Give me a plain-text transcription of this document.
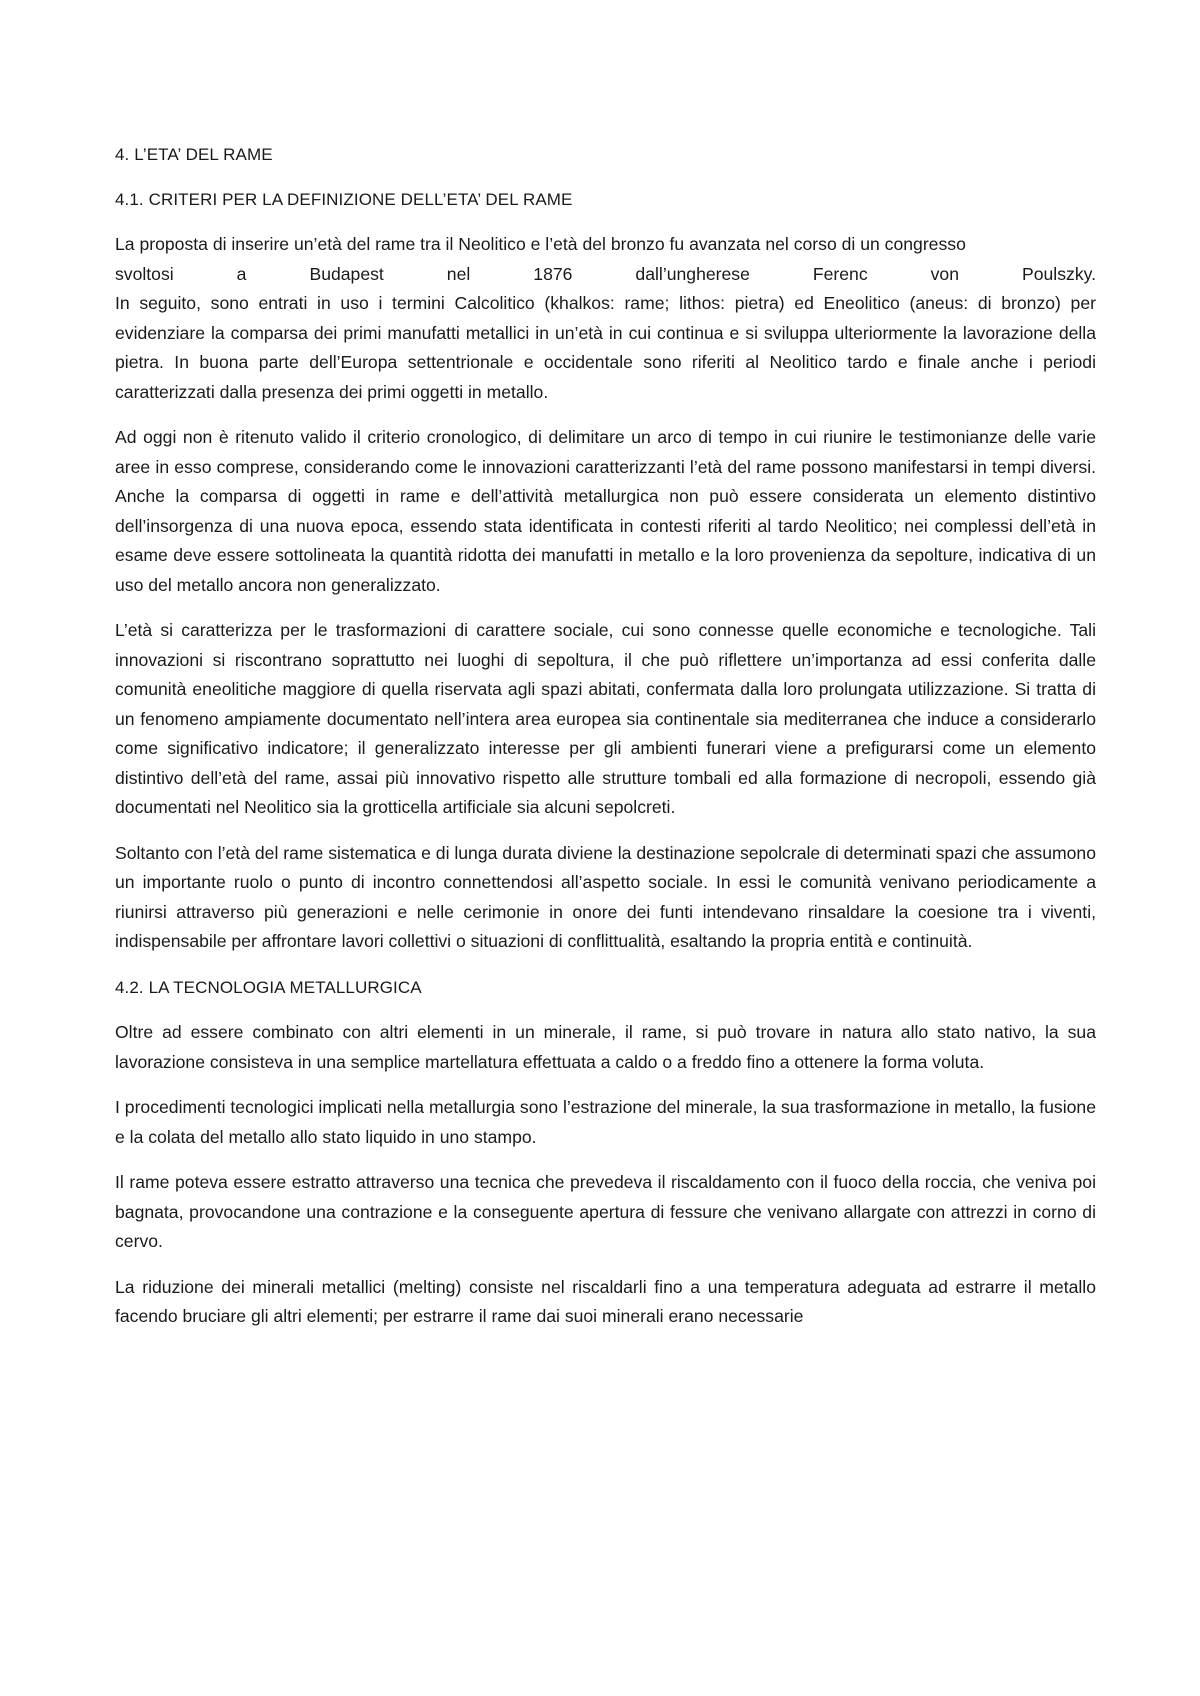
4. L’ETA’ DEL RAME
4.1. CRITERI PER LA DEFINIZIONE DELL’ETA’ DEL RAME

La proposta di inserire un’età del rame tra il Neolitico e l’età del bronzo fu avanzata nel corso di un congresso
svoltosi a Budapest nel 1876 dall’ungherese Ferenc von Poulszky.
In seguito, sono entrati in uso i termini Calcolitico (khalkos: rame; lithos: pietra) ed Eneolitico (aneus: di bronzo) per evidenziare la comparsa dei primi manufatti metallici in un’età in cui continua e si sviluppa ulteriormente la lavorazione della pietra. In buona parte dell’Europa settentrionale e occidentale sono riferiti al Neolitico tardo e finale anche i periodi caratterizzati dalla presenza dei primi oggetti in metallo.

Ad oggi non è ritenuto valido il criterio cronologico, di delimitare un arco di tempo in cui riunire le testimonianze delle varie aree in esso comprese, considerando come le innovazioni caratterizzanti l’età del rame possono manifestarsi in tempi diversi. Anche la comparsa di oggetti in rame e dell’attività metallurgica non può essere considerata un elemento distintivo dell’insorgenza di una nuova epoca, essendo stata identificata in contesti riferiti al tardo Neolitico; nei complessi dell’età in esame deve essere sottolineata la quantità ridotta dei manufatti in metallo e la loro provenienza da sepolture, indicativa di un uso del metallo ancora non generalizzato.

L’età si caratterizza per le trasformazioni di carattere sociale, cui sono connesse quelle economiche e tecnologiche. Tali innovazioni si riscontrano soprattutto nei luoghi di sepoltura, il che può riflettere un’importanza ad essi conferita dalle comunità eneolitiche maggiore di quella riservata agli spazi abitati, confermata dalla loro prolungata utilizzazione. Si tratta di un fenomeno ampiamente documentato nell’intera area europea sia continentale sia mediterranea che induce a considerarlo come significativo indicatore; il generalizzato interesse per gli ambienti funerari viene a prefigurarsi come un elemento distintivo dell’età del rame, assai più innovativo rispetto alle strutture tombali ed alla formazione di necropoli, essendo già documentati nel Neolitico sia la grotticella artificiale sia alcuni sepolcreti.

Soltanto con l’età del rame sistematica e di lunga durata diviene la destinazione sepolcrale di determinati spazi che assumono un importante ruolo o punto di incontro connettendosi all’aspetto sociale. In essi le comunità venivano periodicamente a riunirsi attraverso più generazioni e nelle cerimonie in onore dei funti intendevano rinsaldare la coesione tra i viventi, indispensabile per affrontare lavori collettivi o situazioni di conflittualità, esaltando la propria entità e continuità.

4.2. LA TECNOLOGIA METALLURGICA

Oltre ad essere combinato con altri elementi in un minerale, il rame, si può trovare in natura allo stato nativo, la sua lavorazione consisteva in una semplice martellatura effettuata a caldo o a freddo fino a ottenere la forma voluta.

I procedimenti tecnologici implicati nella metallurgia sono l’estrazione del minerale, la sua trasformazione in metallo, la fusione e la colata del metallo allo stato liquido in uno stampo.

Il rame poteva essere estratto attraverso una tecnica che prevedeva il riscaldamento con il fuoco della roccia, che veniva poi bagnata, provocandone una contrazione e la conseguente apertura di fessure che venivano allargate con attrezzi in corno di cervo.

La riduzione dei minerali metallici (melting) consiste nel riscaldarli fino a una temperatura adeguata ad estrarre il metallo facendo bruciare gli altri elementi; per estrarre il rame dai suoi minerali erano necessarie
